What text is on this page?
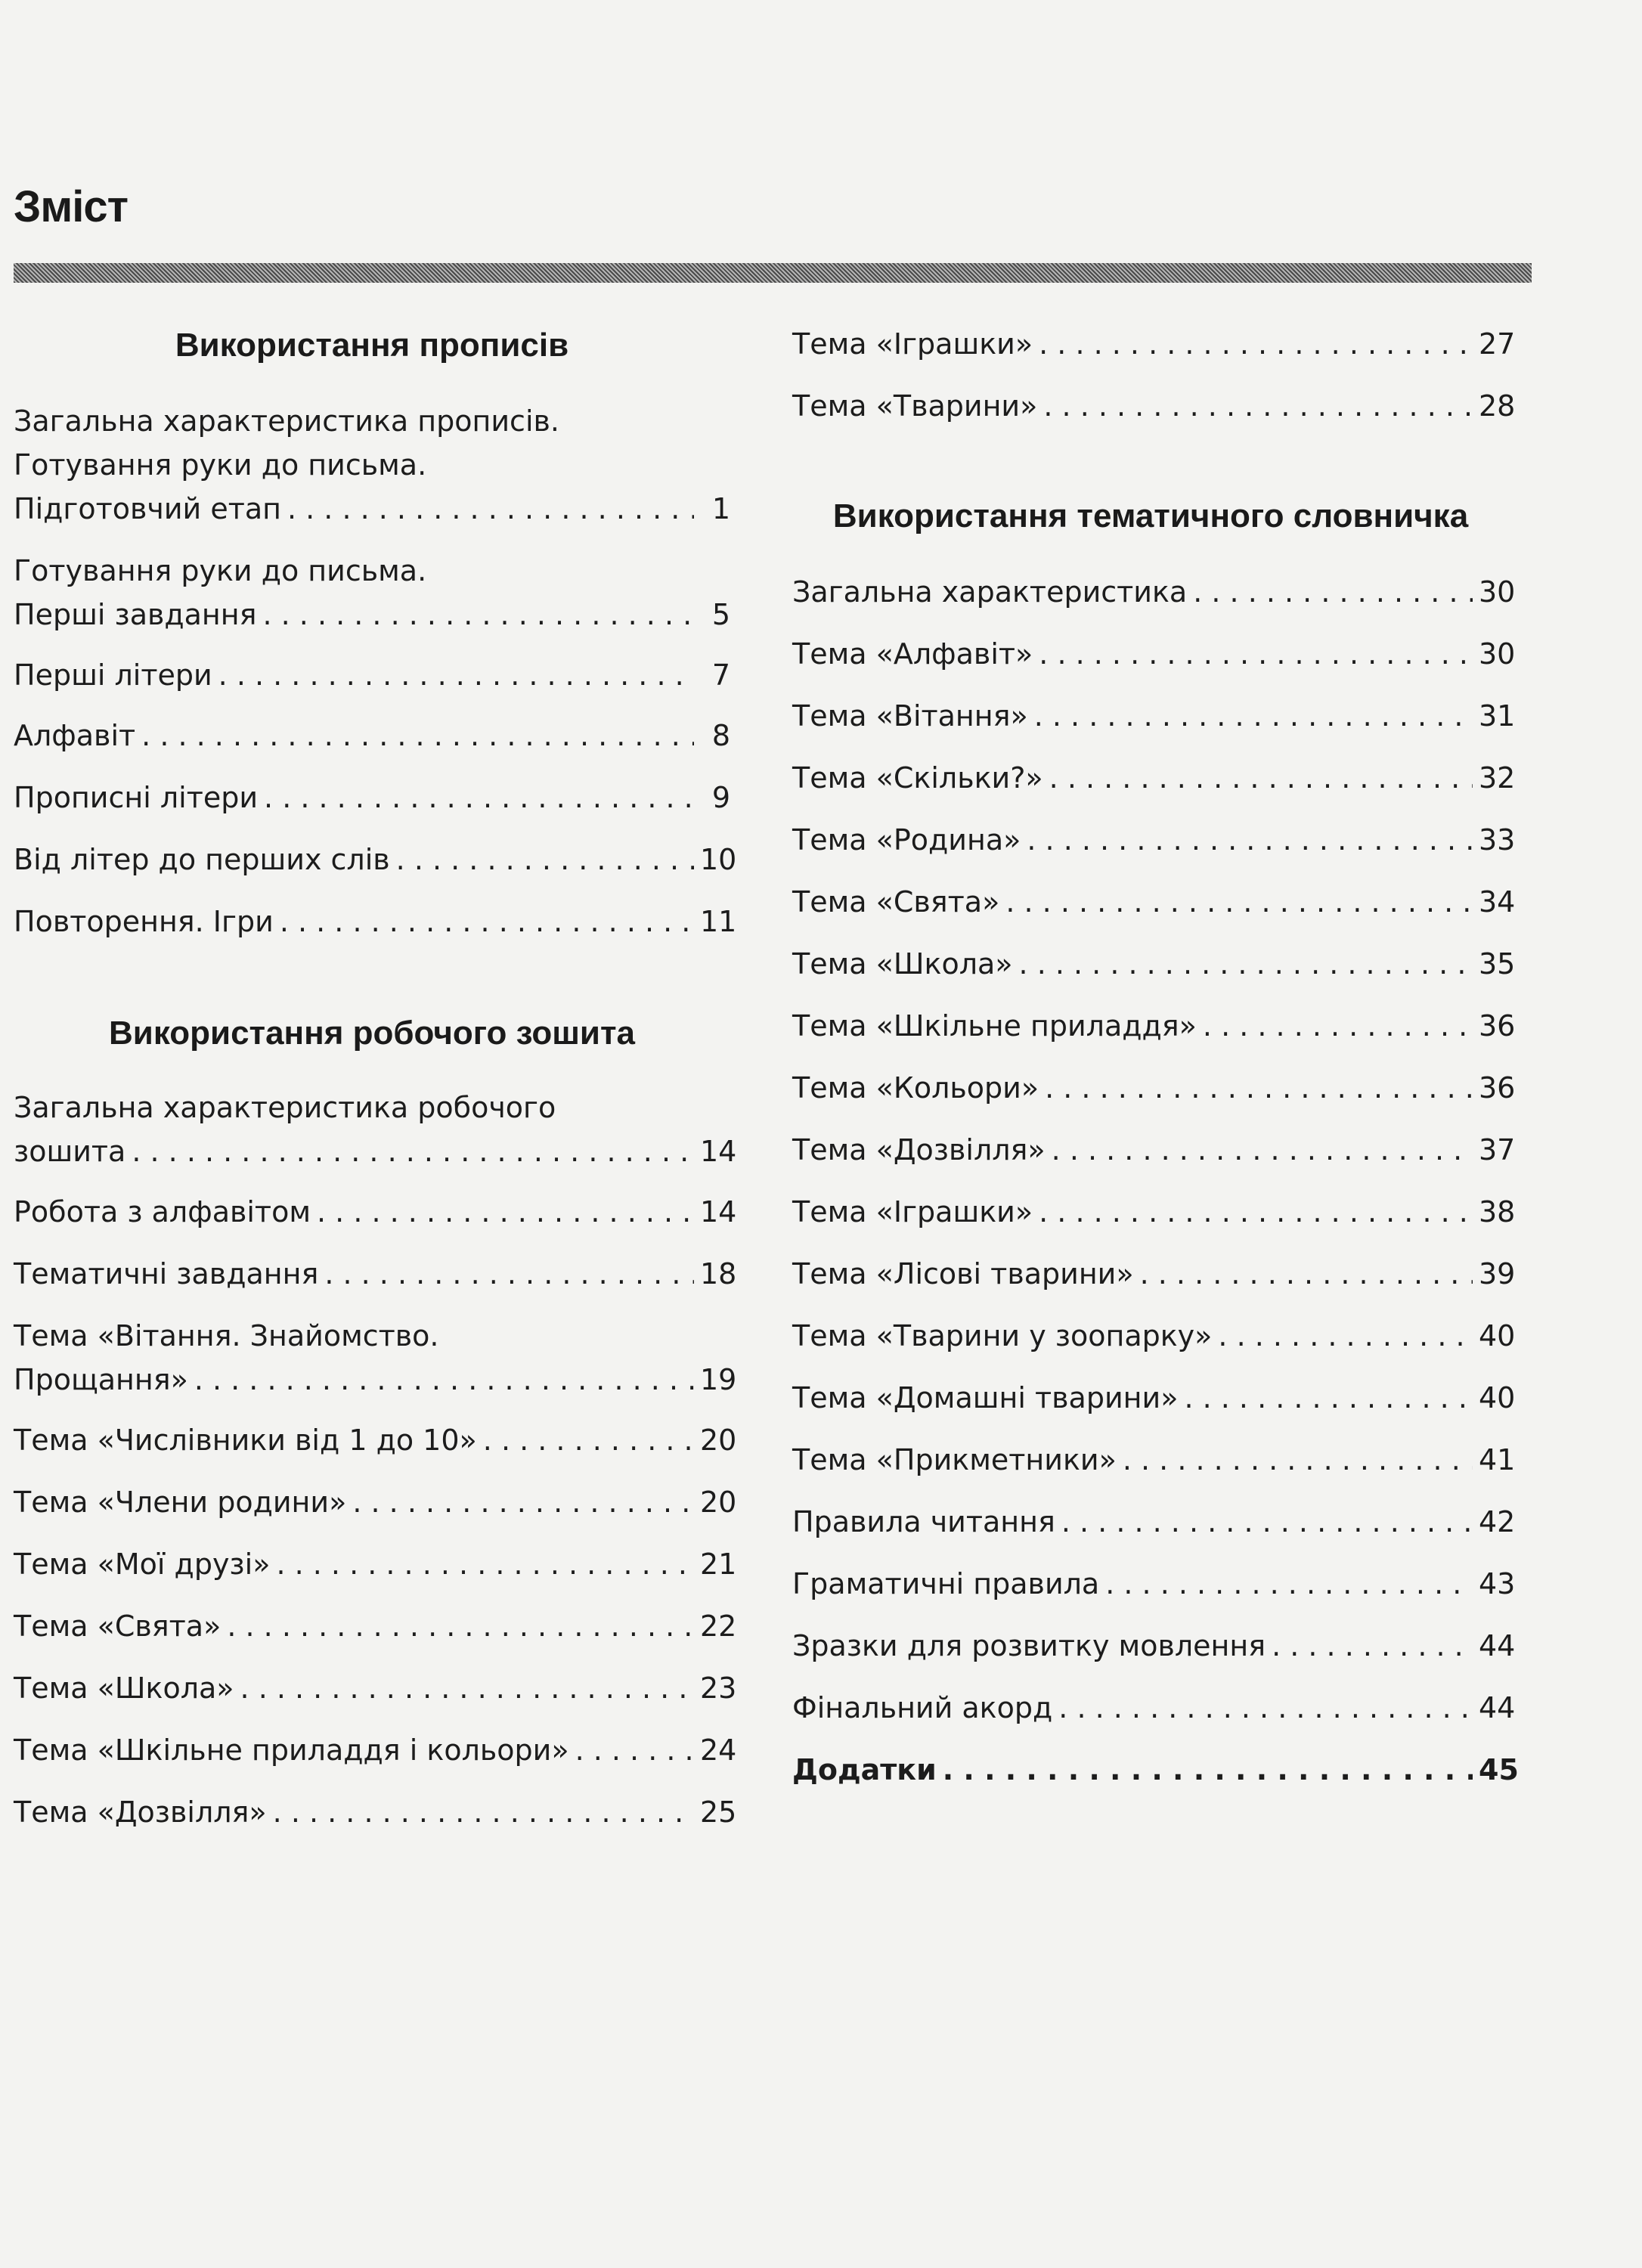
Зміст
Використання прописів
Загальна характеристика прописів.
Готування руки до письма.
Підготовчий етап . . .	1
Готування руки до письма.
Перші завдання . . .	5
Перші літери . . .	7
Алфавіт . . .	8
Прописні літери . . .	9
Від літер до перших слів . . .	10
Повторення. Ігри . . .	11
Використання робочого зошита
Загальна характеристика робочого
зошита . . .	14
Робота з алфавітом . . .	14
Тематичні завдання . . .	18
Тема «Вітання. Знайомство.
Прощання» . . .	19
Тема «Числівники від 1 до 10» . . .	20
Тема «Члени родини» . . .	20
Тема «Мої друзі» . . .	21
Тема «Свята» . . .	22
Тема «Школа» . . .	23
Тема «Шкільне приладдя і кольори» . . .	24
Тема «Дозвілля» . . .	25
Тема «Іграшки» . . .	27
Тема «Тварини» . . .	28
Використання тематичного словничка
Загальна характеристика . . .	30
Тема «Алфавіт» . . .	30
Тема «Вітання» . . .	31
Тема «Скільки?» . . .	32
Тема «Родина» . . .	33
Тема «Свята» . . .	34
Тема «Школа» . . .	35
Тема «Шкільне приладдя» . . .	36
Тема «Кольори» . . .	36
Тема «Дозвілля» . . .	37
Тема «Іграшки» . . .	38
Тема «Лісові тварини» . . .	39
Тема «Тварини у зоопарку» . . .	40
Тема «Домашні тварини» . . .	40
Тема «Прикметники» . . .	41
Правила читання . . .	42
Граматичні правила . . .	43
Зразки для розвитку мовлення . . .	44
Фінальний акорд . . .	44
Додатки . . .	45
